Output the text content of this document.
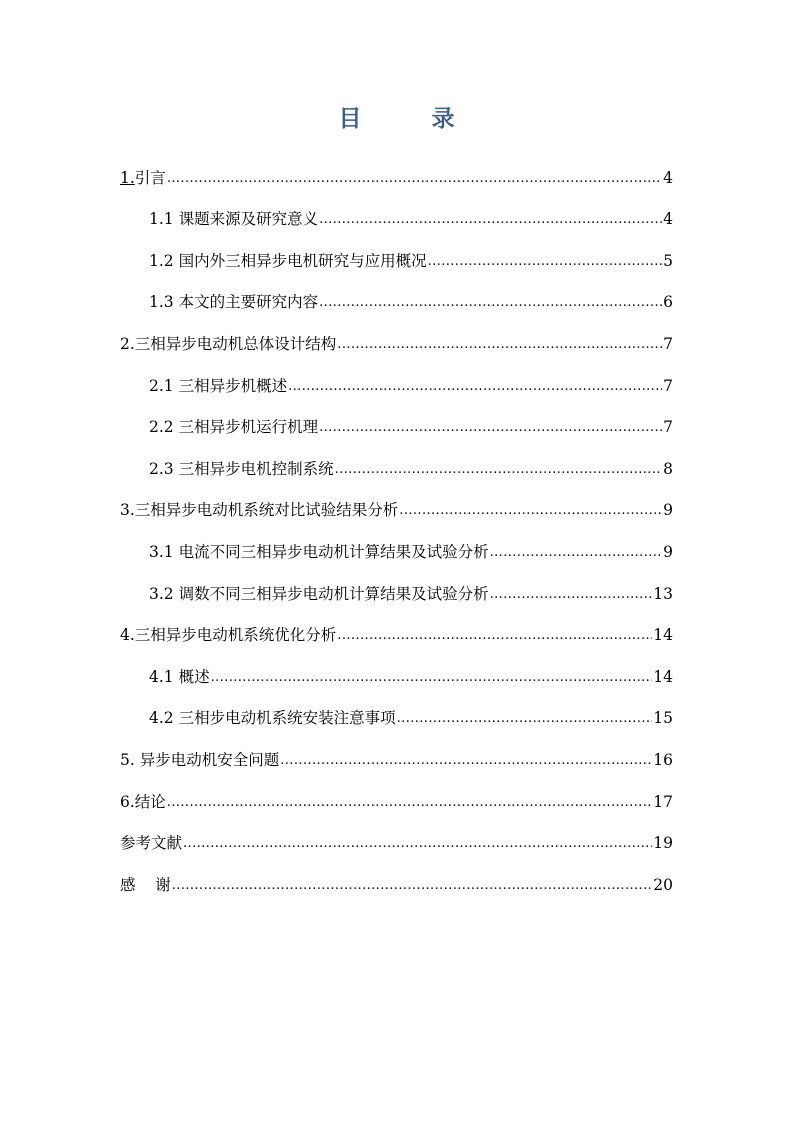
目	录
1.引言 .....	4
1.1 课题来源及研究意义 .....	4
1.2 国内外三相异步电机研究与应用概况 .....	5
1.3 本文的主要研究内容 .....	6
2.三相异步电动机总体设计结构 .....	7
2.1 三相异步机概述 .....	7
2.2 三相异步机运行机理 .....	7
2.3 三相异步电机控制系统 .....	8
3.三相异步电动机系统对比试验结果分析 .....	9
3.1 电流不同三相异步电动机计算结果及试验分析 .....	9
3.2 调数不同三相异步电动机计算结果及试验分析 .....	13
4.三相异步电动机系统优化分析 .....	14
4.1 概述 .....	14
4.2 三相步电动机系统安装注意事项 .....	15
5. 异步电动机安全问题 .....	16
6.结论 .....	17
参考文献 .....	19
感    谢 .....	20
